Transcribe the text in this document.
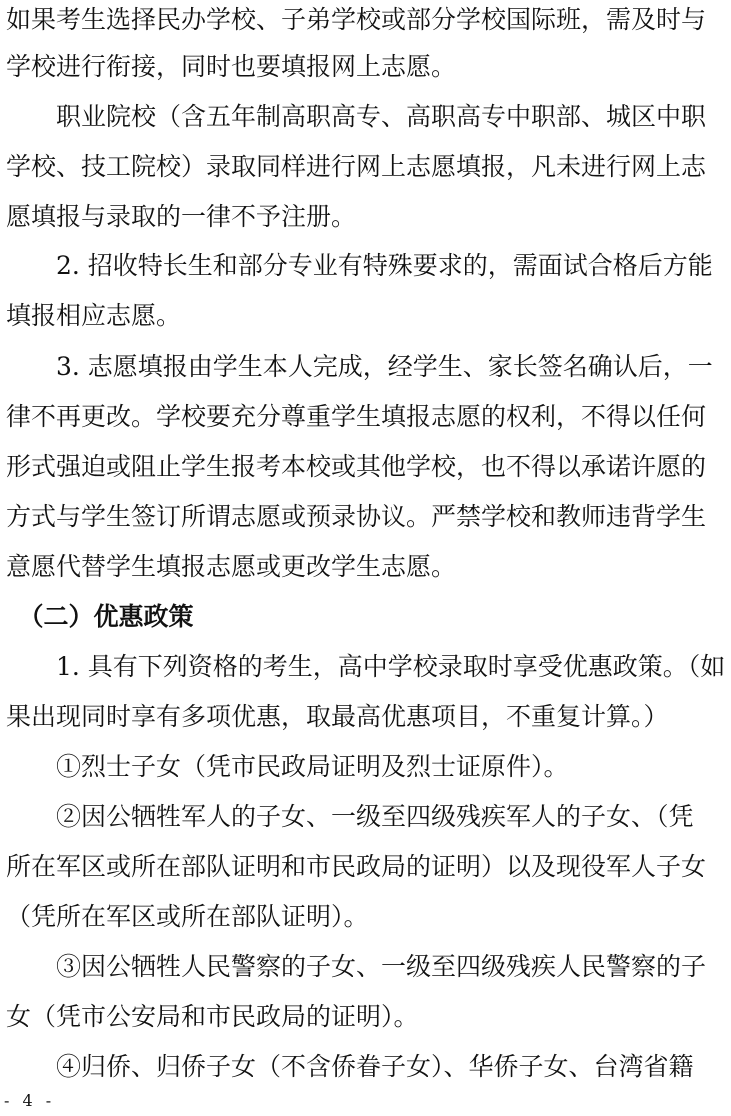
如果考生选择民办学校、子弟学校或部分学校国际班，需及时与
学校进行衔接，同时也要填报网上志愿。
　　职业院校（含五年制高职高专、高职高专中职部、城区中职
学校、技工院校）录取同样进行网上志愿填报，凡未进行网上志
愿填报与录取的一律不予注册。
　　2. 招收特长生和部分专业有特殊要求的，需面试合格后方能
填报相应志愿。
　　3. 志愿填报由学生本人完成，经学生、家长签名确认后，一
律不再更改。学校要充分尊重学生填报志愿的权利，不得以任何
形式强迫或阻止学生报考本校或其他学校，也不得以承诺许愿的
方式与学生签订所谓志愿或预录协议。严禁学校和教师违背学生
意愿代替学生填报志愿或更改学生志愿。
　（二）优惠政策
　　1. 具有下列资格的考生，高中学校录取时享受优惠政策。（如
果出现同时享有多项优惠，取最高优惠项目，不重复计算。）
　　①烈士子女（凭市民政局证明及烈士证原件）。
　　②因公牺牲军人的子女、一级至四级残疾军人的子女、（凭
所在军区或所在部队证明和市民政局的证明）以及现役军人子女
（凭所在军区或所在部队证明）。
　　③因公牺牲人民警察的子女、一级至四级残疾人民警察的子
女（凭市公安局和市民政局的证明）。
　　④归侨、归侨子女（不含侨眷子女）、华侨子女、台湾省籍
- 4 -
